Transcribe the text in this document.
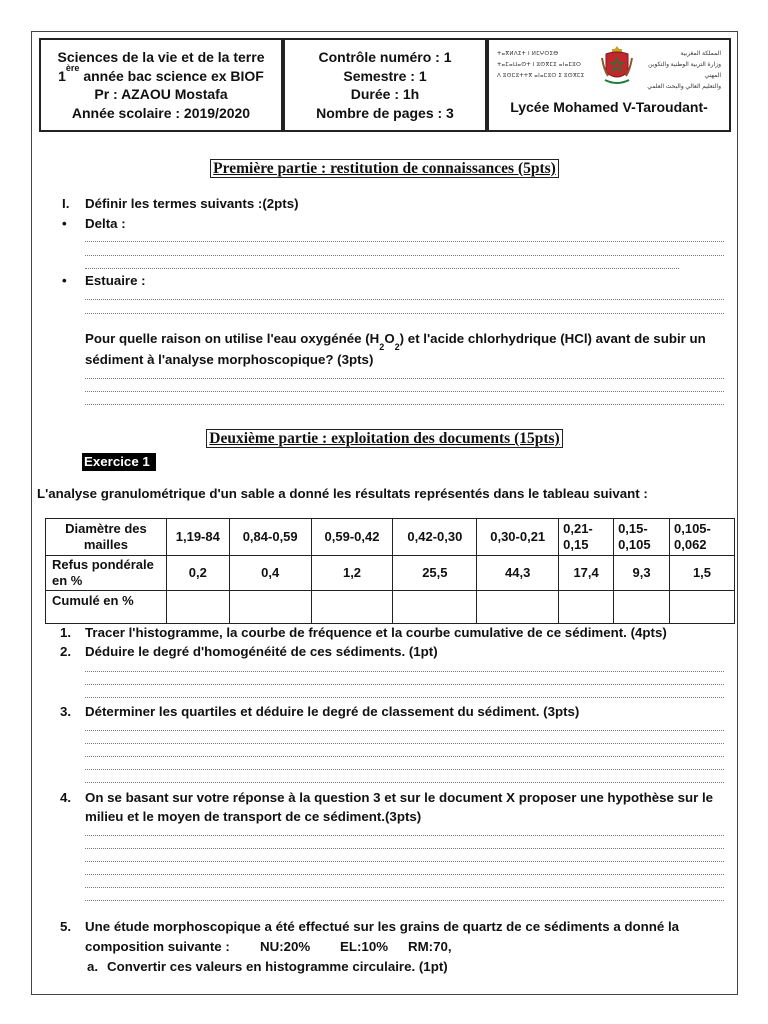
Sciences de la vie et de la terre
1ère année bac science ex BIOF
Pr : AZAOU Mostafa
Année scolaire : 2019/2020
Contrôle numéro : 1
Semestre : 1
Durée : 1h
Nombre de pages : 3
ⵜⴰⴳⵍⴷⵉⵜ ⵏ ⵍⵎⵖⵔⵉⴱ
ⵜⴰⵎⴰⵡⴰⵙⵜ ⵏ ⵓⵙⴳⵎⵉ ⴰⵏⴰⵎⵓⵔ
ⴷ ⵓⵙⵎⵓⵜⵜⴳ ⴰⵏⴰⵎⵓⵔ ⵉ ⵓⵙⴳⵎⵉ
المملكة المغربية
وزارة التربية الوطنية والتكوين المهني
والتعليم العالي والبحث العلمي
Lycée Mohamed V-Taroudant-
Première partie : restitution de connaissances (5pts)
I. Définir les termes suivants :(2pts)
• Delta :
• Estuaire :
Pour quelle raison on utilise l'eau oxygénée $(H_2O_2)$ et l'acide chlorhydrique (HCl) avant de subir un
sédiment à l'analyse morphoscopique? (3pts)
Deuxième partie : exploitation des documents (15pts)
Exercice 1
L'analyse granulométrique d'un sable a donné les résultats représentés dans le tableau suivant :
Diamètre des mailles	1,19-84	0,84-0,59	0,59-0,42	0,42-0,30	0,30-0,21	0,21-0,15	0,15-0,105	0,105-0,062
Refus pondérale en %	0,2	0,4	1,2	25,5	44,3	17,4	9,3	1,5
Cumulé en %								
1. Tracer l'histogramme, la courbe de fréquence et la courbe cumulative de ce sédiment. (4pts)
2. Déduire le degré d'homogénéité de ces sédiments. (1pt)
3. Déterminer les quartiles et déduire le degré de classement du sédiment. (3pts)
4. On se basant sur votre réponse à la question 3 et sur le document X proposer une hypothèse sur le
milieu et le moyen de transport de ce sédiment.(3pts)
5. Une étude morphoscopique a été effectué sur les grains de quartz de ce sédiments a donné la
composition suivante : NU:20% EL:10% RM:70,
a. Convertir ces valeurs en histogramme circulaire. (1pt)
